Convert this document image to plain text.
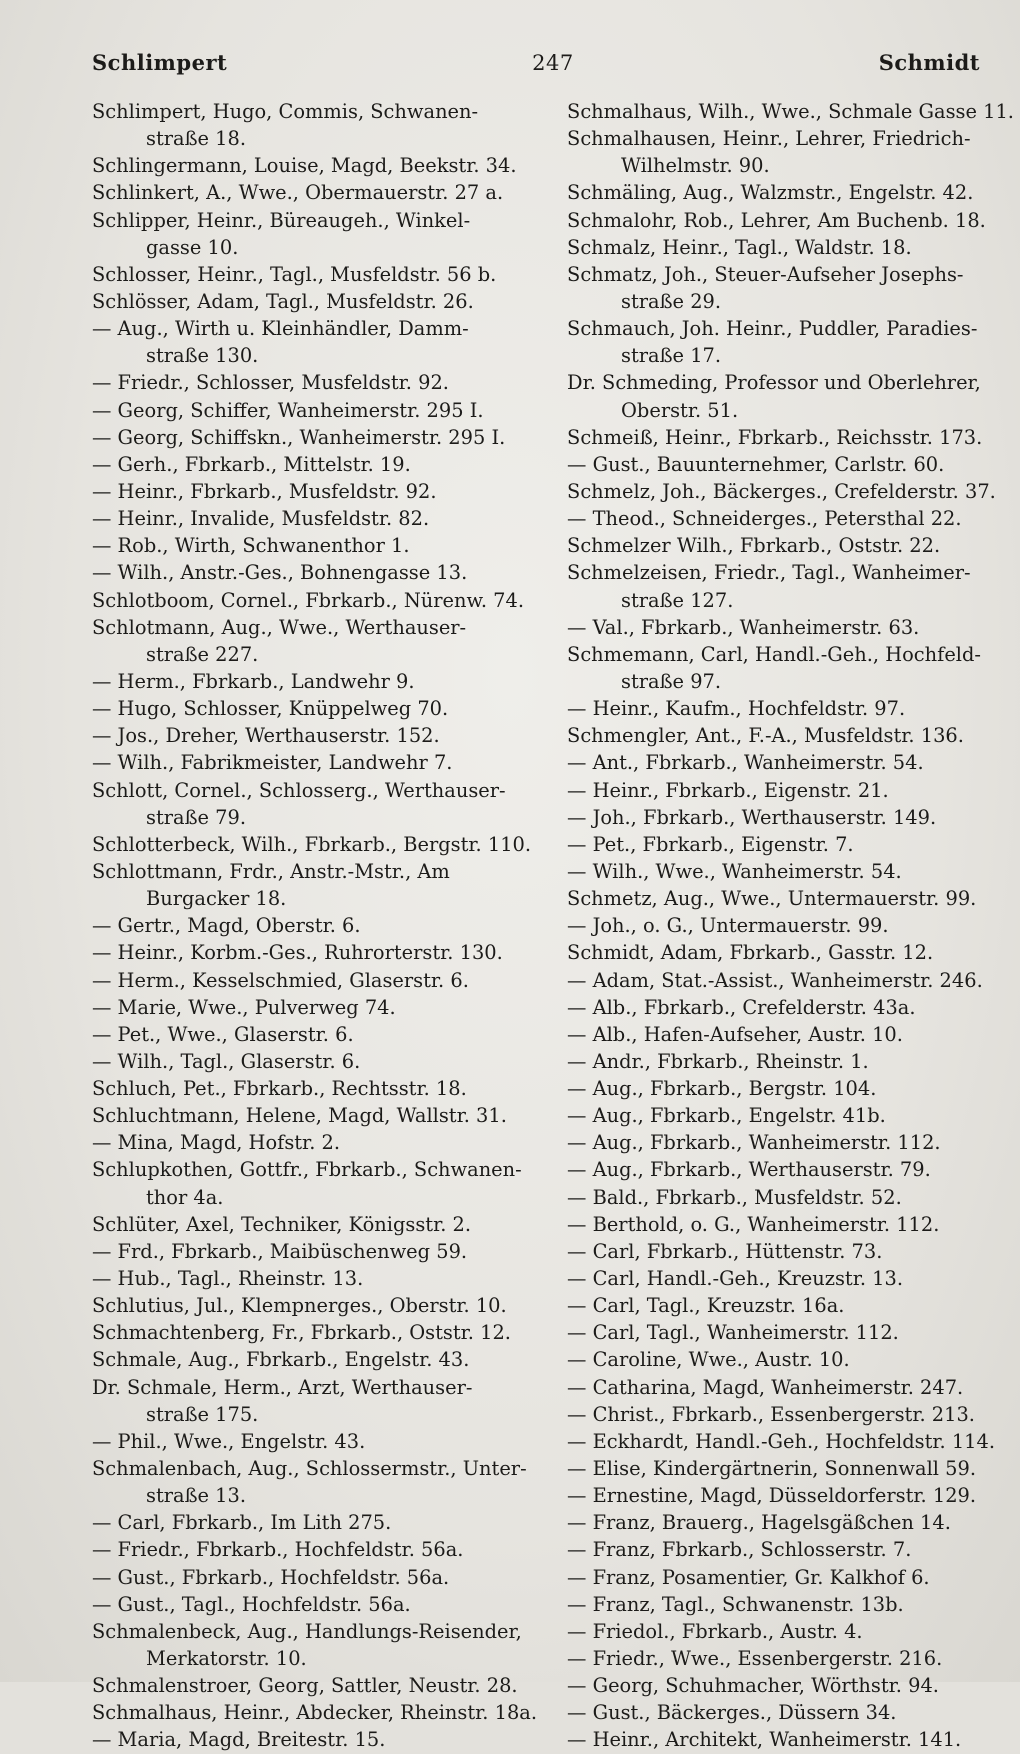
Schlimpert	247	Schmidt
Schlimpert, Hugo, Commis, Schwanen-
straße 18.
Schlingermann, Louise, Magd, Beekstr. 34.
Schlinkert, A., Wwe., Obermauerstr. 27 a.
Schlipper, Heinr., Büreaugeh., Winkel-
gasse 10.
Schlosser, Heinr., Tagl., Musfeldstr. 56 b.
Schlösser, Adam, Tagl., Musfeldstr. 26.
— Aug., Wirth u. Kleinhändler, Damm-
straße 130.
— Friedr., Schlosser, Musfeldstr. 92.
— Georg, Schiffer, Wanheimerstr. 295 I.
— Georg, Schiffskn., Wanheimerstr. 295 I.
— Gerh., Fbrkarb., Mittelstr. 19.
— Heinr., Fbrkarb., Musfeldstr. 92.
— Heinr., Invalide, Musfeldstr. 82.
— Rob., Wirth, Schwanenthor 1.
— Wilh., Anstr.-Ges., Bohnengasse 13.
Schlotboom, Cornel., Fbrkarb., Nürenw. 74.
Schlotmann, Aug., Wwe., Werthauser-
straße 227.
— Herm., Fbrkarb., Landwehr 9.
— Hugo, Schlosser, Knüppelweg 70.
— Jos., Dreher, Werthauserstr. 152.
— Wilh., Fabrikmeister, Landwehr 7.
Schlott, Cornel., Schlosserg., Werthauser-
straße 79.
Schlotterbeck, Wilh., Fbrkarb., Bergstr. 110.
Schlottmann, Frdr., Anstr.-Mstr., Am
Burgacker 18.
— Gertr., Magd, Oberstr. 6.
— Heinr., Korbm.-Ges., Ruhrorterstr. 130.
— Herm., Kesselschmied, Glaserstr. 6.
— Marie, Wwe., Pulverweg 74.
— Pet., Wwe., Glaserstr. 6.
— Wilh., Tagl., Glaserstr. 6.
Schluch, Pet., Fbrkarb., Rechtsstr. 18.
Schluchtmann, Helene, Magd, Wallstr. 31.
— Mina, Magd, Hofstr. 2.
Schlupkothen, Gottfr., Fbrkarb., Schwanen-
thor 4a.
Schlüter, Axel, Techniker, Königsstr. 2.
— Frd., Fbrkarb., Maibüschenweg 59.
— Hub., Tagl., Rheinstr. 13.
Schlutius, Jul., Klempnerges., Oberstr. 10.
Schmachtenberg, Fr., Fbrkarb., Oststr. 12.
Schmale, Aug., Fbrkarb., Engelstr. 43.
Dr. Schmale, Herm., Arzt, Werthauser-
straße 175.
— Phil., Wwe., Engelstr. 43.
Schmalenbach, Aug., Schlossermstr., Unter-
straße 13.
— Carl, Fbrkarb., Im Lith 275.
— Friedr., Fbrkarb., Hochfeldstr. 56a.
— Gust., Fbrkarb., Hochfeldstr. 56a.
— Gust., Tagl., Hochfeldstr. 56a.
Schmalenbeck, Aug., Handlungs-Reisender,
Merkatorstr. 10.
Schmalenstroer, Georg, Sattler, Neustr. 28.
Schmalhaus, Heinr., Abdecker, Rheinstr. 18a.
— Maria, Magd, Breitestr. 15.
Schmalhaus, Wilh., Wwe., Schmale Gasse 11.
Schmalhausen, Heinr., Lehrer, Friedrich-
Wilhelmstr. 90.
Schmäling, Aug., Walzmstr., Engelstr. 42.
Schmalohr, Rob., Lehrer, Am Buchenb. 18.
Schmalz, Heinr., Tagl., Waldstr. 18.
Schmatz, Joh., Steuer-Aufseher Josephs-
straße 29.
Schmauch, Joh. Heinr., Puddler, Paradies-
straße 17.
Dr. Schmeding, Professor und Oberlehrer,
Oberstr. 51.
Schmeiß, Heinr., Fbrkarb., Reichsstr. 173.
— Gust., Bauunternehmer, Carlstr. 60.
Schmelz, Joh., Bäckerges., Crefelderstr. 37.
— Theod., Schneiderges., Petersthal 22.
Schmelzer Wilh., Fbrkarb., Oststr. 22.
Schmelzeisen, Friedr., Tagl., Wanheimer-
straße 127.
— Val., Fbrkarb., Wanheimerstr. 63.
Schmemann, Carl, Handl.-Geh., Hochfeld-
straße 97.
— Heinr., Kaufm., Hochfeldstr. 97.
Schmengler, Ant., F.-A., Musfeldstr. 136.
— Ant., Fbrkarb., Wanheimerstr. 54.
— Heinr., Fbrkarb., Eigenstr. 21.
— Joh., Fbrkarb., Werthauserstr. 149.
— Pet., Fbrkarb., Eigenstr. 7.
— Wilh., Wwe., Wanheimerstr. 54.
Schmetz, Aug., Wwe., Untermauerstr. 99.
— Joh., o. G., Untermauerstr. 99.
Schmidt, Adam, Fbrkarb., Gasstr. 12.
— Adam, Stat.-Assist., Wanheimerstr. 246.
— Alb., Fbrkarb., Crefelderstr. 43a.
— Alb., Hafen-Aufseher, Austr. 10.
— Andr., Fbrkarb., Rheinstr. 1.
— Aug., Fbrkarb., Bergstr. 104.
— Aug., Fbrkarb., Engelstr. 41b.
— Aug., Fbrkarb., Wanheimerstr. 112.
— Aug., Fbrkarb., Werthauserstr. 79.
— Bald., Fbrkarb., Musfeldstr. 52.
— Berthold, o. G., Wanheimerstr. 112.
— Carl, Fbrkarb., Hüttenstr. 73.
— Carl, Handl.-Geh., Kreuzstr. 13.
— Carl, Tagl., Kreuzstr. 16a.
— Carl, Tagl., Wanheimerstr. 112.
— Caroline, Wwe., Austr. 10.
— Catharina, Magd, Wanheimerstr. 247.
— Christ., Fbrkarb., Essenbergerstr. 213.
— Eckhardt, Handl.-Geh., Hochfeldstr. 114.
— Elise, Kindergärtnerin, Sonnenwall 59.
— Ernestine, Magd, Düsseldorferstr. 129.
— Franz, Brauerg., Hagelsgäßchen 14.
— Franz, Fbrkarb., Schlosserstr. 7.
— Franz, Posamentier, Gr. Kalkhof 6.
— Franz, Tagl., Schwanenstr. 13b.
— Friedol., Fbrkarb., Austr. 4.
— Friedr., Wwe., Essenbergerstr. 216.
— Georg, Schuhmacher, Wörthstr. 94.
— Gust., Bäckerges., Düssern 34.
— Heinr., Architekt, Wanheimerstr. 141.
